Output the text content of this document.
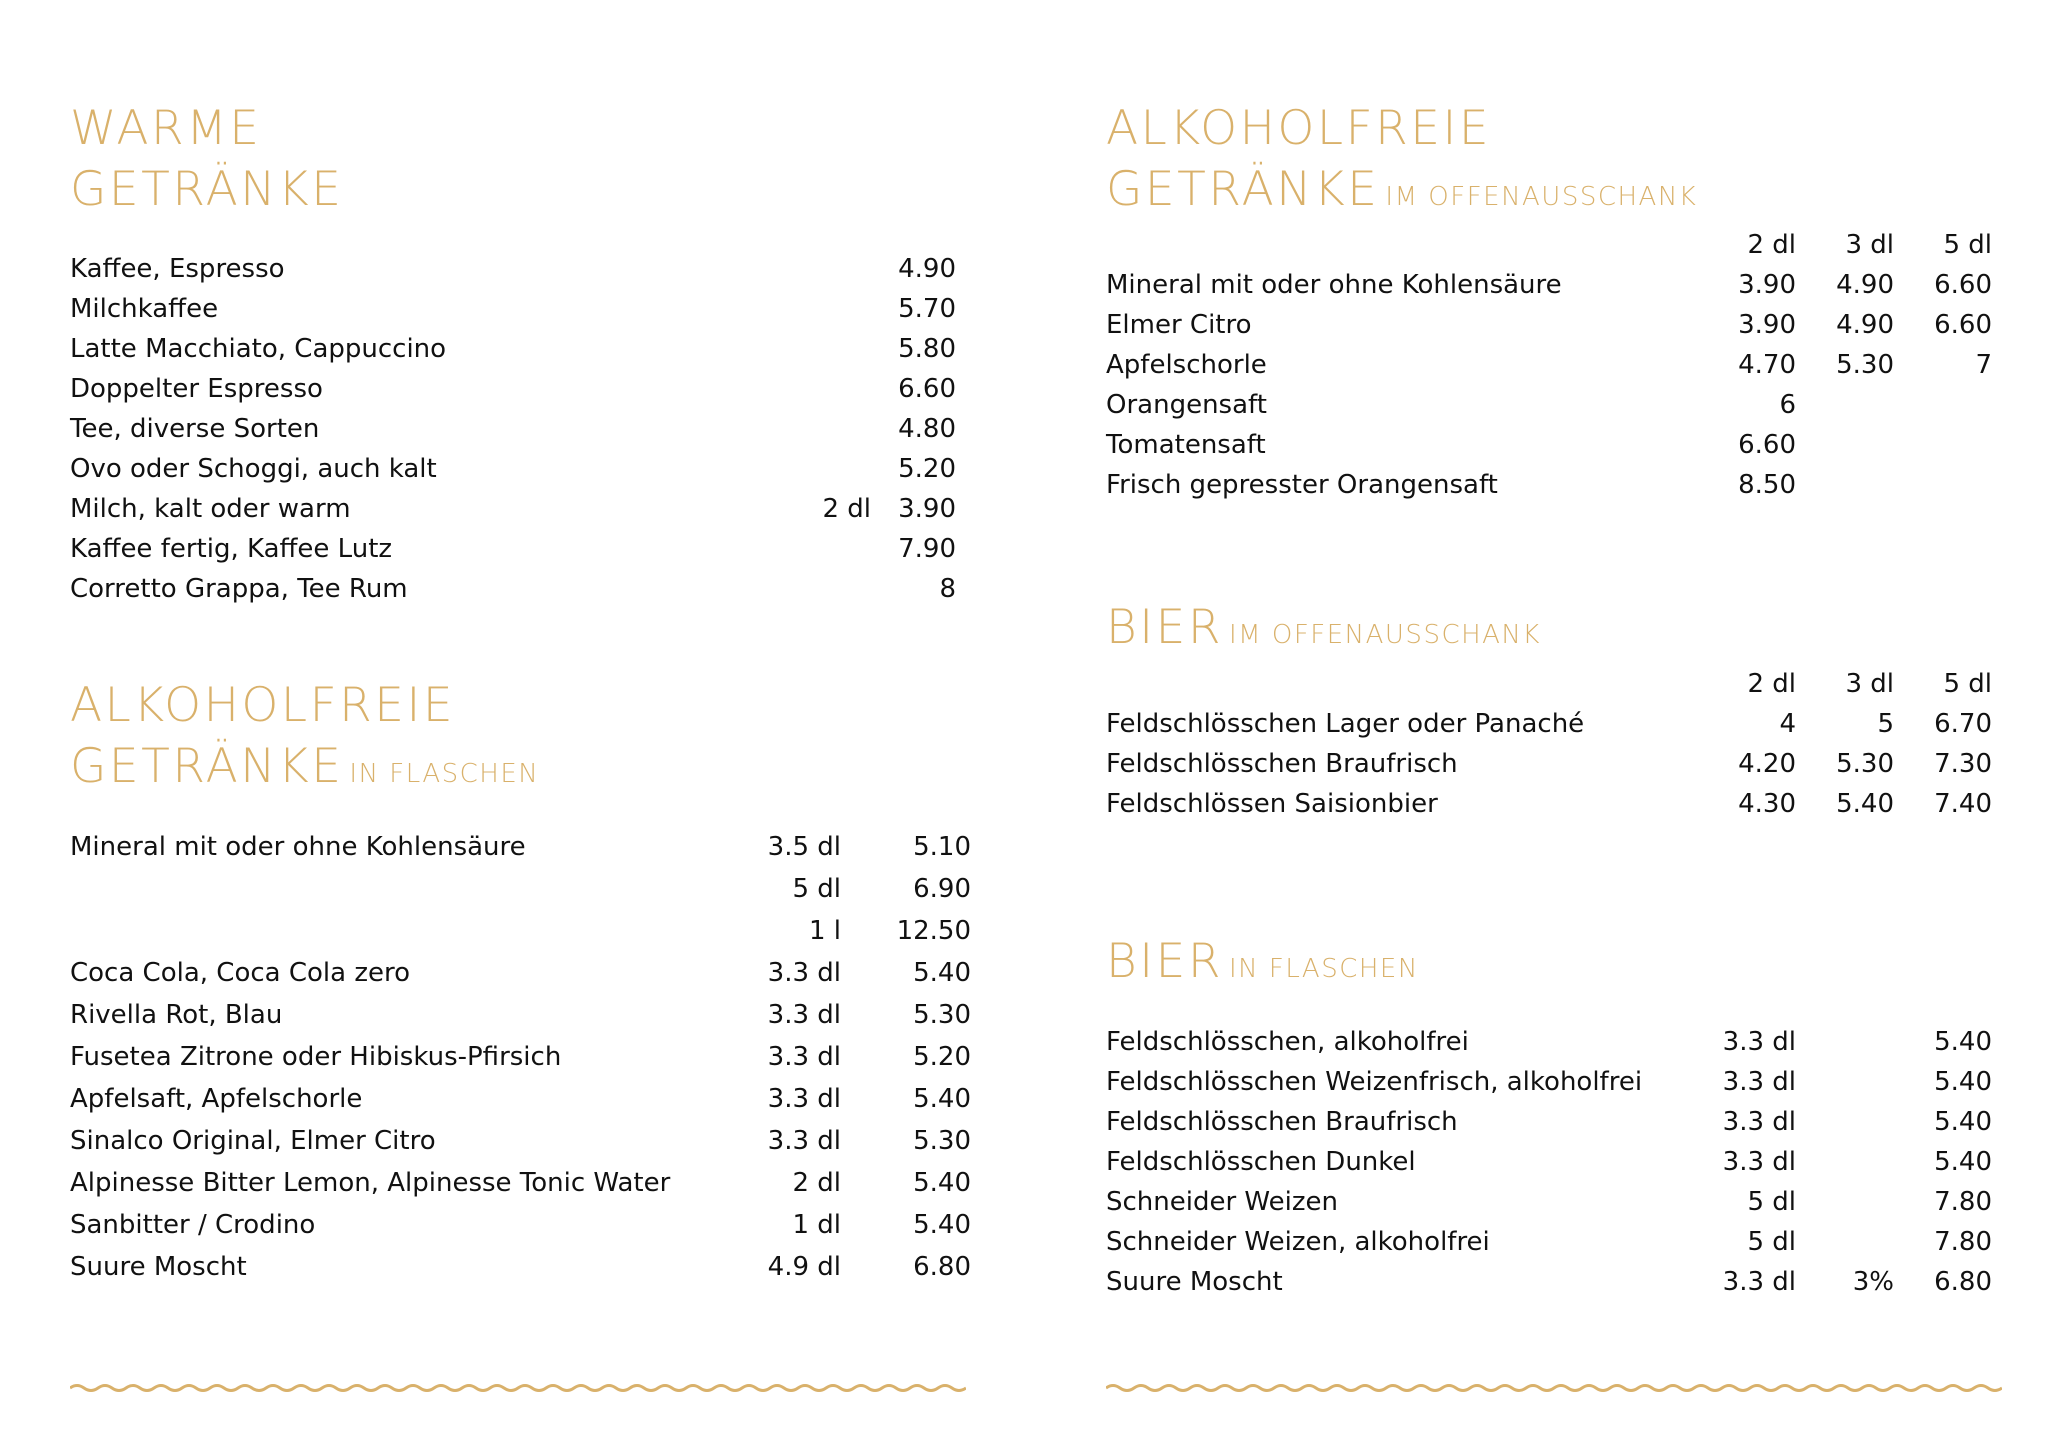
WARME
GETRÄNKE
Kaffee, Espresso	4.90
Milchkaffee	5.70
Latte Macchiato, Cappuccino	5.80
Doppelter Espresso	6.60
Tee, diverse Sorten	4.80
Ovo oder Schoggi, auch kalt	5.20
Milch, kalt oder warm	2 dl 3.90
Kaffee fertig, Kaffee Lutz	7.90
Corretto Grappa, Tee Rum	8
ALKOHOLFREIE
GETRÄNKE IN FLASCHEN
Mineral mit oder ohne Kohlensäure	3.5 dl	5.10
5 dl	6.90
1 l 12.50
Coca Cola, Coca Cola zero	3.3 dl	5.40
Rivella Rot, Blau	3.3 dl	5.30
Fusetea Zitrone oder Hibiskus-Pfirsich	3.3 dl	5.20
Apfelsaft, Apfelschorle	3.3 dl	5.40
Sinalco Original, Elmer Citro	3.3 dl	5.30
Alpinesse Bitter Lemon, Alpinesse Tonic Water	2 dl	5.40
Sanbitter / Crodino	1 dl	5.40
Suure Moscht	4.9 dl	6.80
ALKOHOLFREIE
GETRÄNKE IM OFFENAUSSCHANK
2 dl 3 dl 5 dl
Mineral mit oder ohne Kohlensäure	3.90 4.90 6.60
Elmer Citro	3.90 4.90 6.60
Apfelschorle	4.70 5.30	7
Orangensaft	6
Tomatensaft	6.60
Frisch gepresster Orangensaft	8.50
BIER IM OFFENAUSSCHANK
2 dl 3 dl 5 dl
Feldschlösschen Lager oder Panaché	4	5 6.70
Feldschlösschen Braufrisch	4.20 5.30 7.30
Feldschlössen Saisionbier	4.30 5.40 7.40
BIER IN FLASCHEN
Feldschlösschen, alkoholfrei	3.3 dl	5.40
Feldschlösschen Weizenfrisch, alkoholfrei	3.3 dl	5.40
Feldschlösschen Braufrisch	3.3 dl	5.40
Feldschlösschen Dunkel	3.3 dl	5.40
Schneider Weizen	5 dl	7.80
Schneider Weizen, alkoholfrei	5 dl	7.80
Suure Moscht	3.3 dl 3% 6.80
